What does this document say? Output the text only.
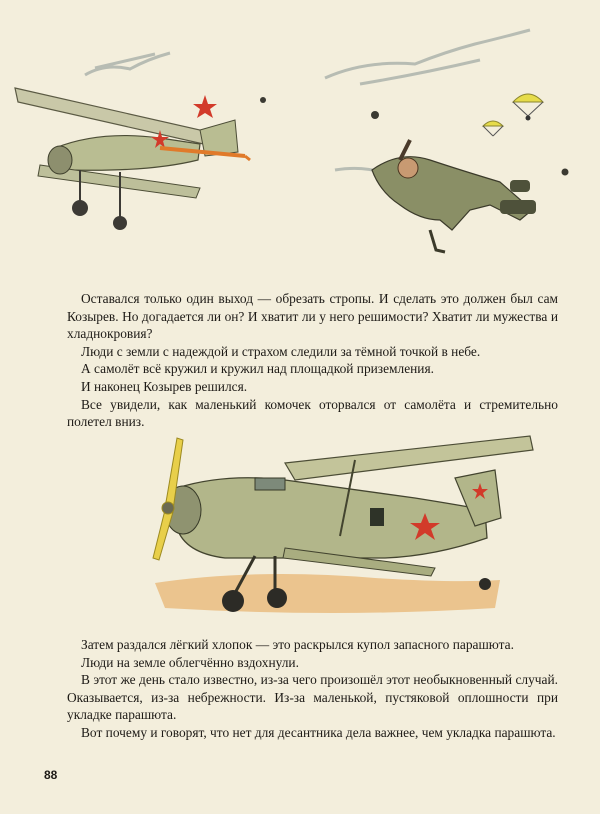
Оставался только один выход — обрезать стропы. И сделать это должен был сам Козырев. Но догадается ли он? И хватит ли у него решимости? Хватит ли мужества и хладнокровия?

Люди с земли с надеждой и страхом следили за тёмной точкой в небе.

А самолёт всё кружил и кружил над площадкой приземления.

И наконец Козырев решился.

Все увидели, как маленький комочек оторвался от самолёта и стремительно полетел вниз.

Затем раздался лёгкий хлопок — это раскрылся купол запасного парашюта.

Люди на земле облегчённо вздохнули.

В этот же день стало известно, из-за чего произошёл этот необыкновенный случай. Оказывается, из-за небрежности. Из-за маленькой, пустяковой оплошности при укладке парашюта.

Вот почему и говорят, что нет для десантника дела важнее, чем укладка парашюта.

88
